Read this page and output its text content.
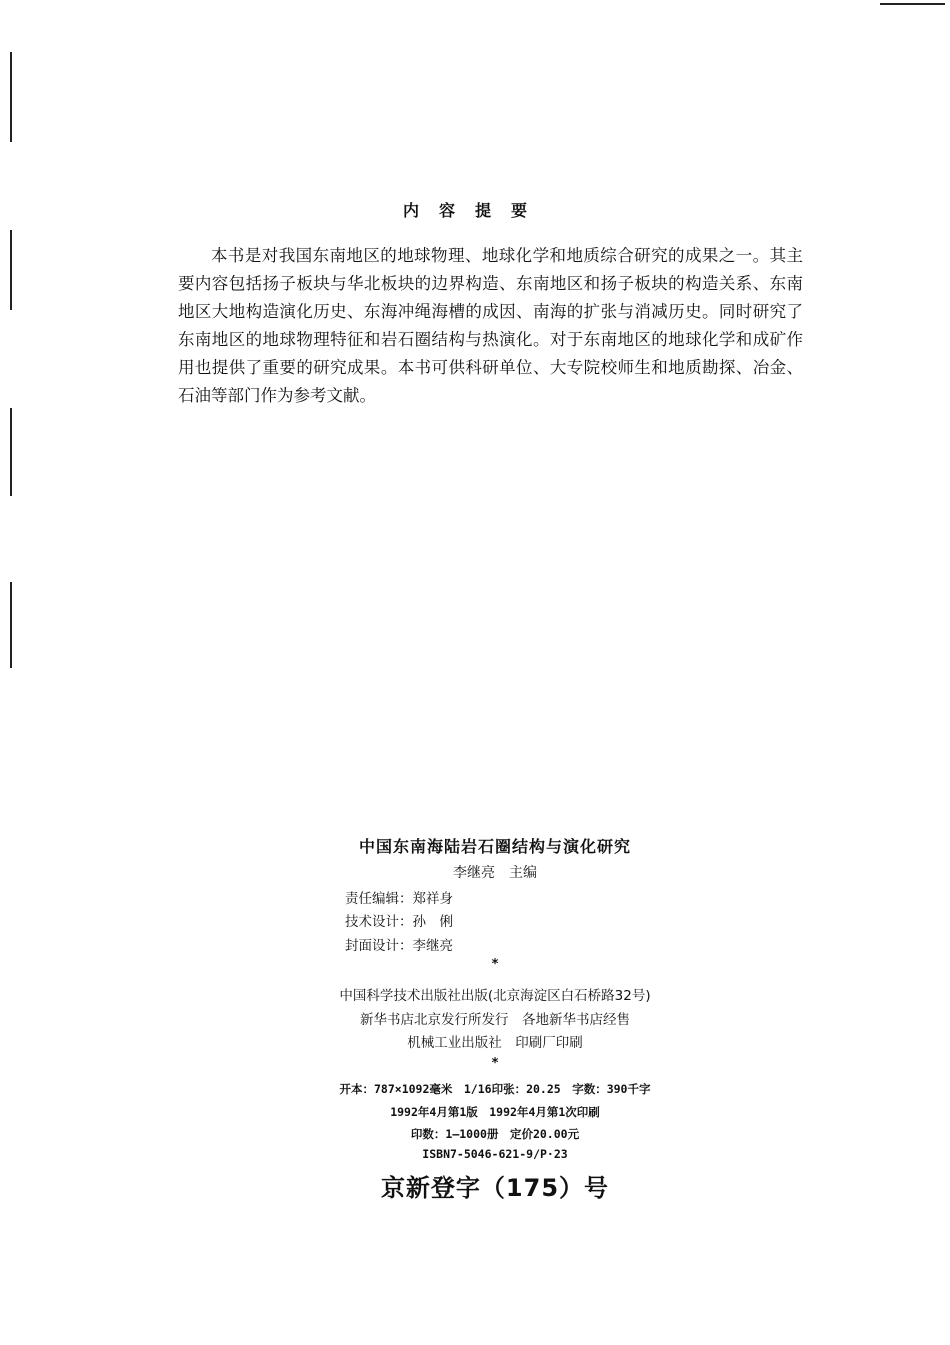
内容提要

本书是对我国东南地区的地球物理、地球化学和地质综合研究的成果之一。其主要内容包括扬子板块与华北板块的边界构造、东南地区和扬子板块的构造关系、东南地区大地构造演化历史、东海冲绳海槽的成因、南海的扩张与消减历史。同时研究了东南地区的地球物理特征和岩石圈结构与热演化。对于东南地区的地球化学和成矿作用也提供了重要的研究成果。本书可供科研单位、大专院校师生和地质勘探、冶金、石油等部门作为参考文献。

中国东南海陆岩石圈结构与演化研究
李继亮　主编
责任编辑：郑祥身
技术设计：孙　俐
封面设计：李继亮
*
中国科学技术出版社出版(北京海淀区白石桥路32号)
新华书店北京发行所发行　各地新华书店经售
机械工业出版社　印刷厂印刷
*
开本：787×1092毫米　1/16印张：20.25　字数：390千字
1992年4月第1版　1992年4月第1次印刷
印数：1—1000册　定价20.00元
ISBN7-5046-621-9/P·23
京新登字（175）号
